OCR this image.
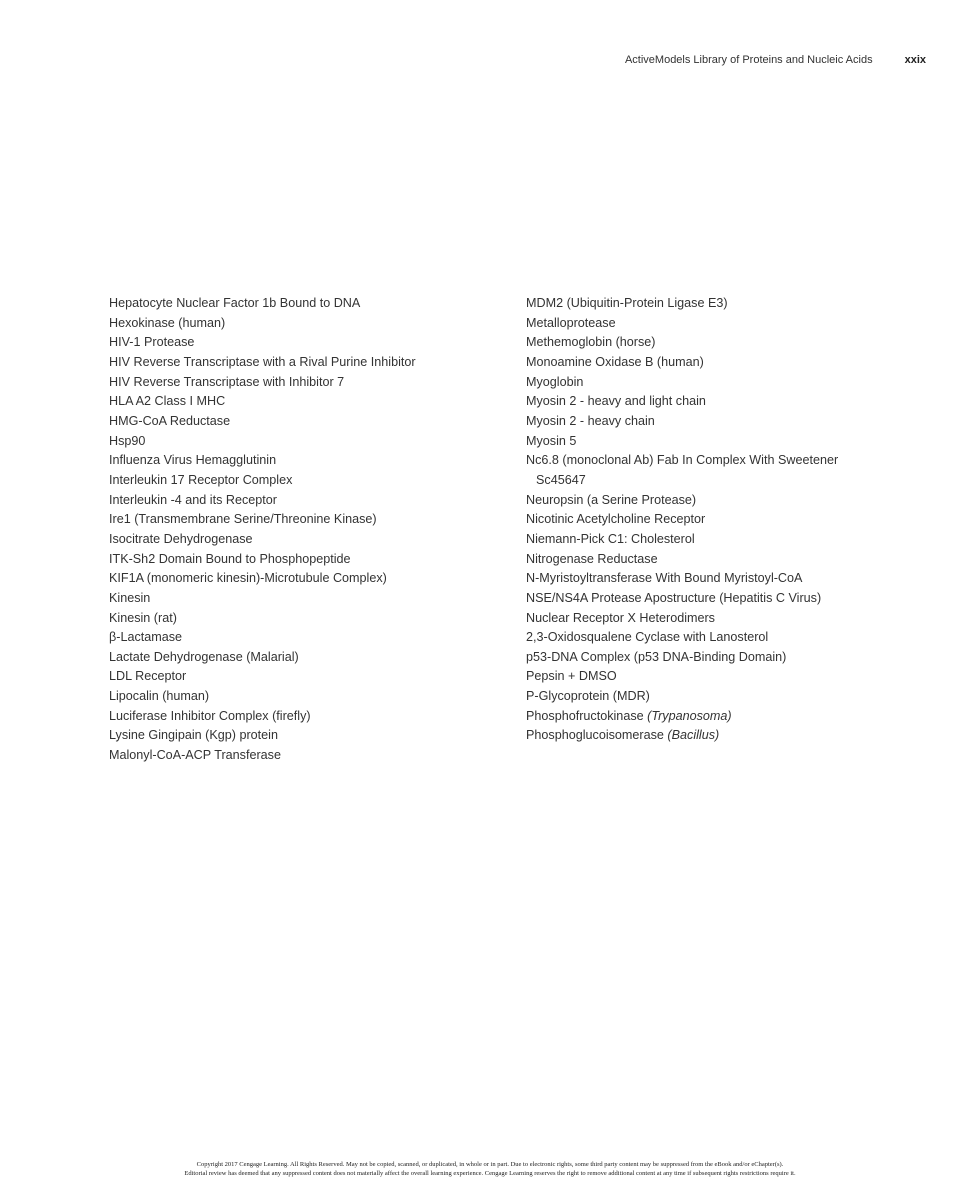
ActiveModels Library of Proteins and Nucleic Acids	xxix
Hepatocyte Nuclear Factor 1b Bound to DNA
Hexokinase (human)
HIV-1 Protease
HIV Reverse Transcriptase with a Rival Purine Inhibitor
HIV Reverse Transcriptase with Inhibitor 7
HLA A2 Class I MHC
HMG-CoA Reductase
Hsp90
Influenza Virus Hemagglutinin
Interleukin 17 Receptor Complex
Interleukin -4 and its Receptor
Ire1 (Transmembrane Serine/Threonine Kinase)
Isocitrate Dehydrogenase
ITK-Sh2 Domain Bound to Phosphopeptide
KIF1A (monomeric kinesin)-Microtubule Complex)
Kinesin
Kinesin (rat)
β-Lactamase
Lactate Dehydrogenase (Malarial)
LDL Receptor
Lipocalin (human)
Luciferase Inhibitor Complex (firefly)
Lysine Gingipain (Kgp) protein
Malonyl-CoA-ACP Transferase
MDM2 (Ubiquitin-Protein Ligase E3)
Metalloprotease
Methemoglobin (horse)
Monoamine Oxidase B (human)
Myoglobin
Myosin 2 - heavy and light chain
Myosin 2 - heavy chain
Myosin 5
Nc6.8 (monoclonal Ab) Fab In Complex With Sweetener Sc45647
Neuropsin (a Serine Protease)
Nicotinic Acetylcholine Receptor
Niemann-Pick C1: Cholesterol
Nitrogenase Reductase
N-Myristoyltransferase With Bound Myristoyl-CoA
NSE/NS4A Protease Apostructure (Hepatitis C Virus)
Nuclear Receptor X Heterodimers
2,3-Oxidosqualene Cyclase with Lanosterol
p53-DNA Complex (p53 DNA-Binding Domain)
Pepsin + DMSO
P-Glycoprotein (MDR)
Phosphofructokinase (Trypanosoma)
Phosphoglucoisomerase (Bacillus)
Copyright 2017 Cengage Learning. All Rights Reserved. May not be copied, scanned, or duplicated, in whole or in part. Due to electronic rights, some third party content may be suppressed from the eBook and/or eChapter(s).
Editorial review has deemed that any suppressed content does not materially affect the overall learning experience. Cengage Learning reserves the right to remove additional content at any time if subsequent rights restrictions require it.
